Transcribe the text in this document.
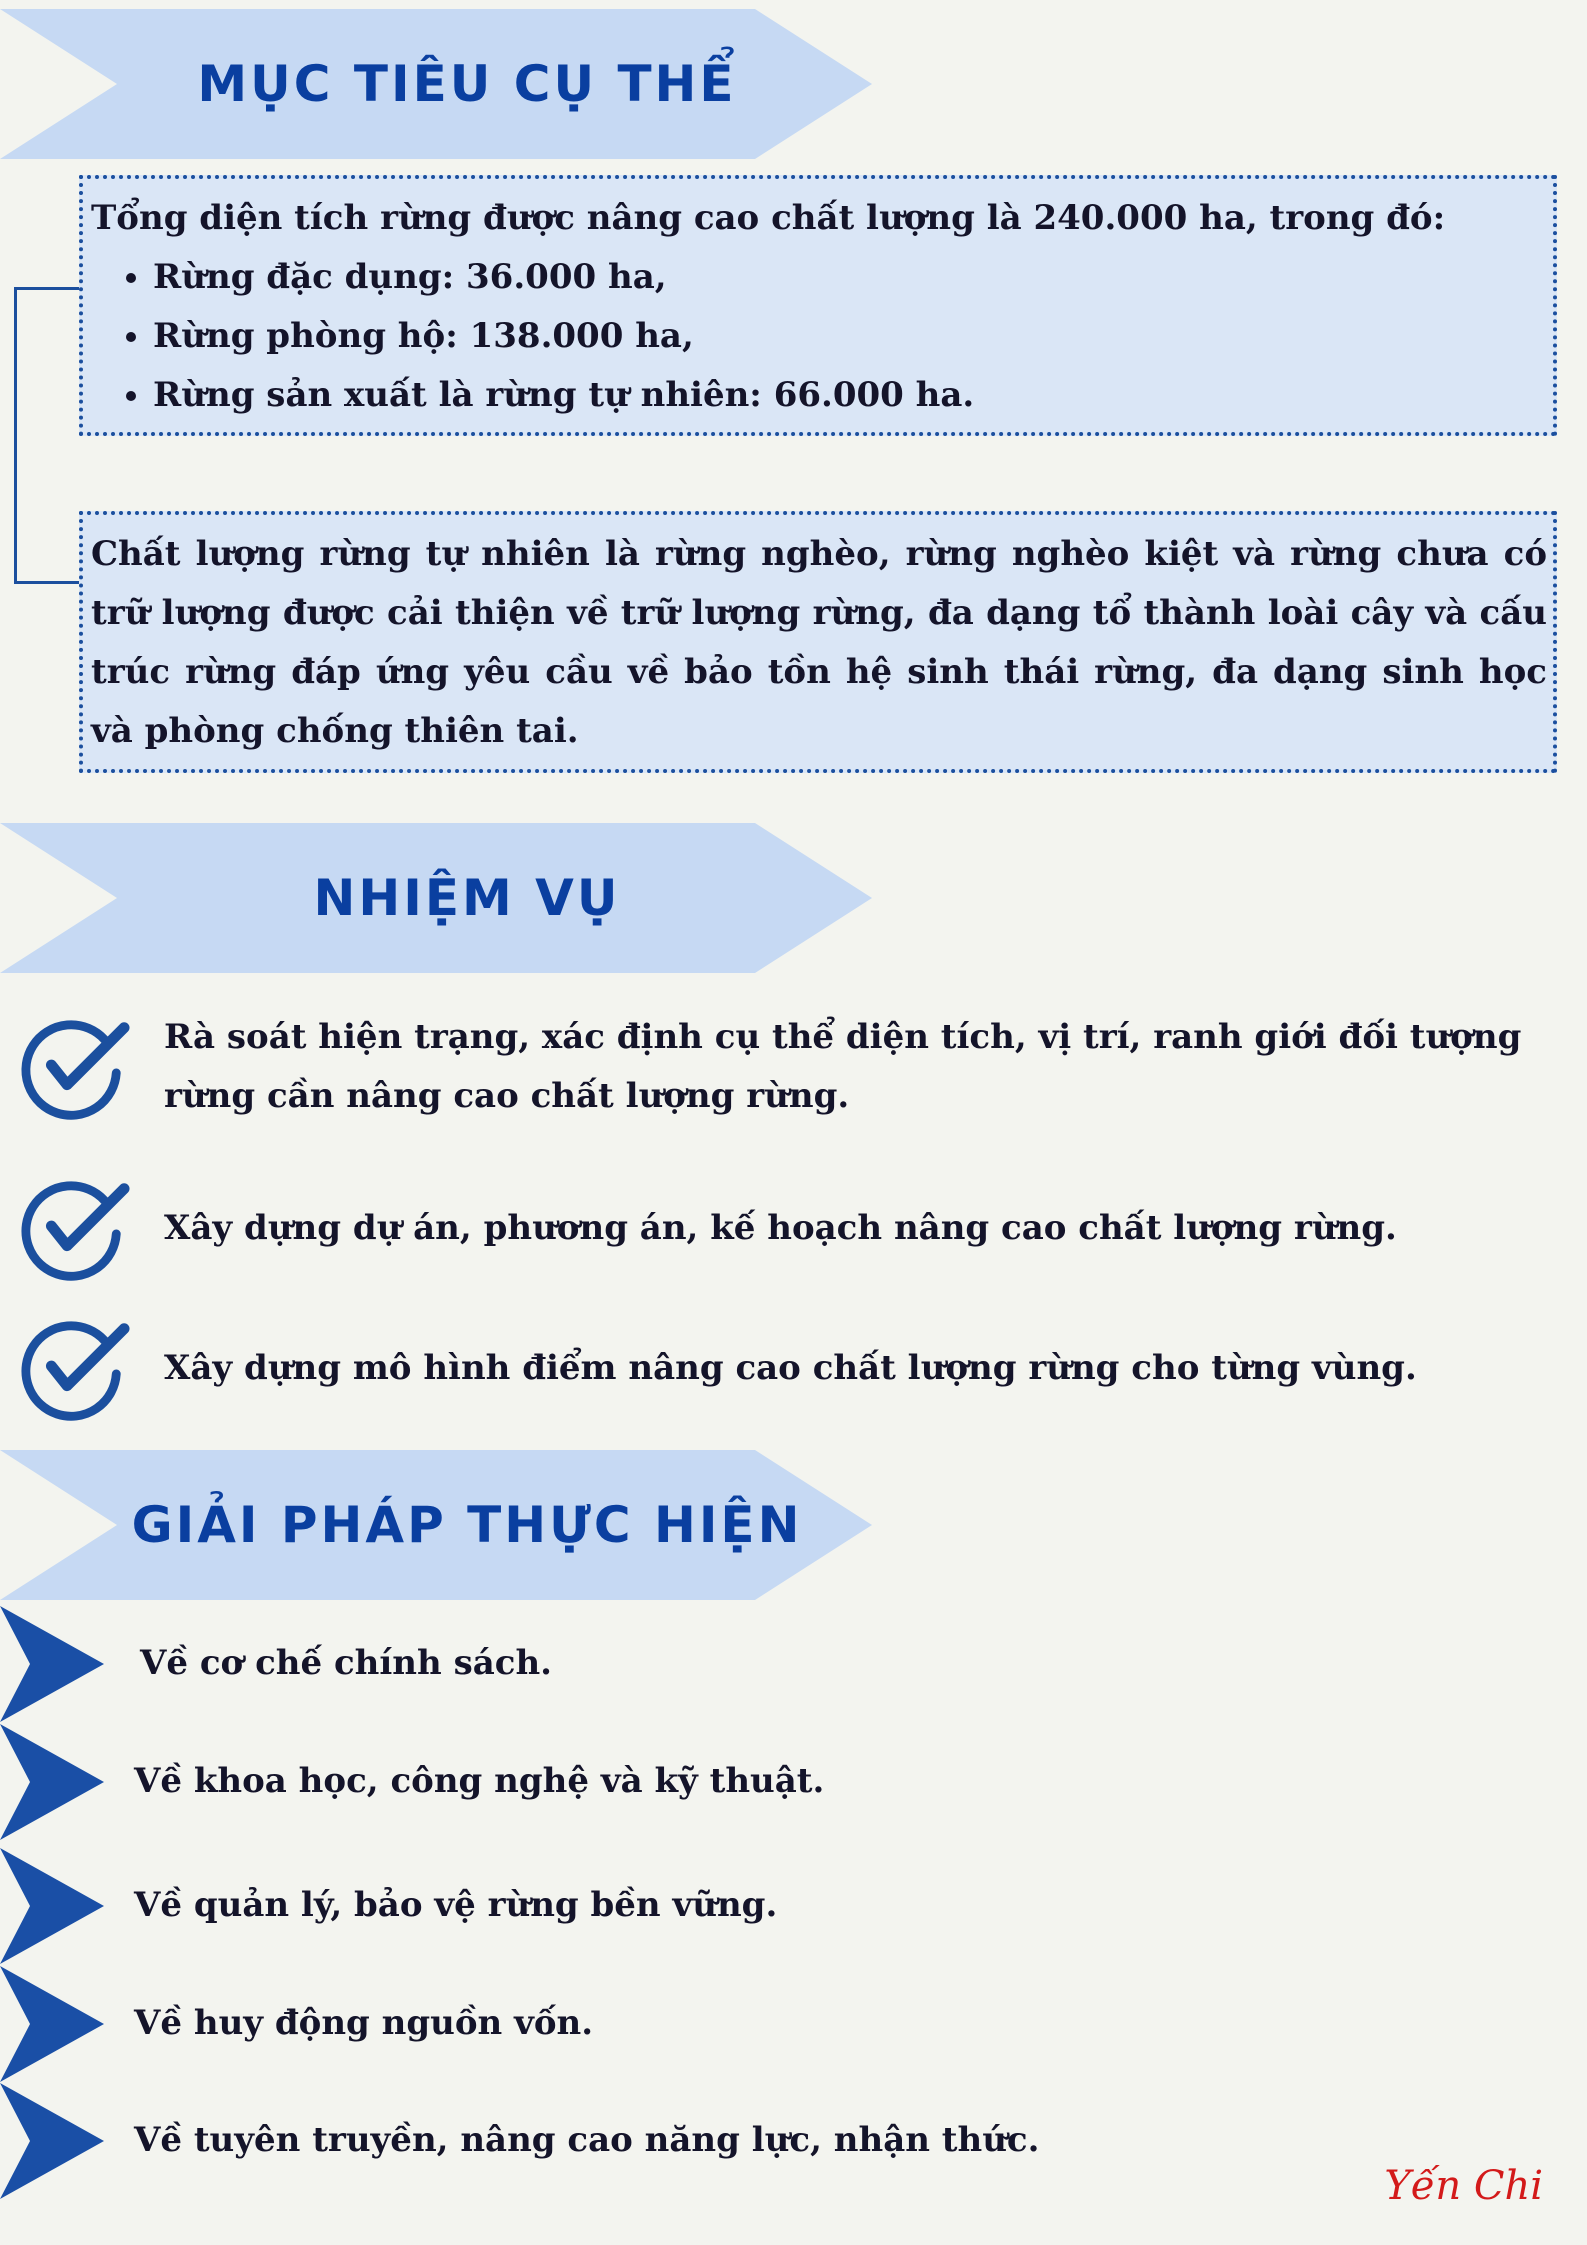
MỤC TIÊU CỤ THỂ
Tổng diện tích rừng được nâng cao chất lượng là 240.000 ha, trong đó:
• Rừng đặc dụng: 36.000 ha,
• Rừng phòng hộ: 138.000 ha,
• Rừng sản xuất là rừng tự nhiên: 66.000 ha.
Chất lượng rừng tự nhiên là rừng nghèo, rừng nghèo kiệt và rừng chưa có trữ lượng được cải thiện về trữ lượng rừng, đa dạng tổ thành loài cây và cấu trúc rừng đáp ứng yêu cầu về bảo tồn hệ sinh thái rừng, đa dạng sinh học và phòng chống thiên tai.
NHIỆM VỤ
Rà soát hiện trạng, xác định cụ thể diện tích, vị trí, ranh giới đối tượng rừng cần nâng cao chất lượng rừng.
Xây dựng dự án, phương án, kế hoạch nâng cao chất lượng rừng.
Xây dựng mô hình điểm nâng cao chất lượng rừng cho từng vùng.
GIẢI PHÁP THỰC HIỆN
Về cơ chế chính sách.
Về khoa học, công nghệ và kỹ thuật.
Về quản lý, bảo vệ rừng bền vững.
Về huy động nguồn vốn.
Về tuyên truyền, nâng cao năng lực, nhận thức.
Yến Chi
